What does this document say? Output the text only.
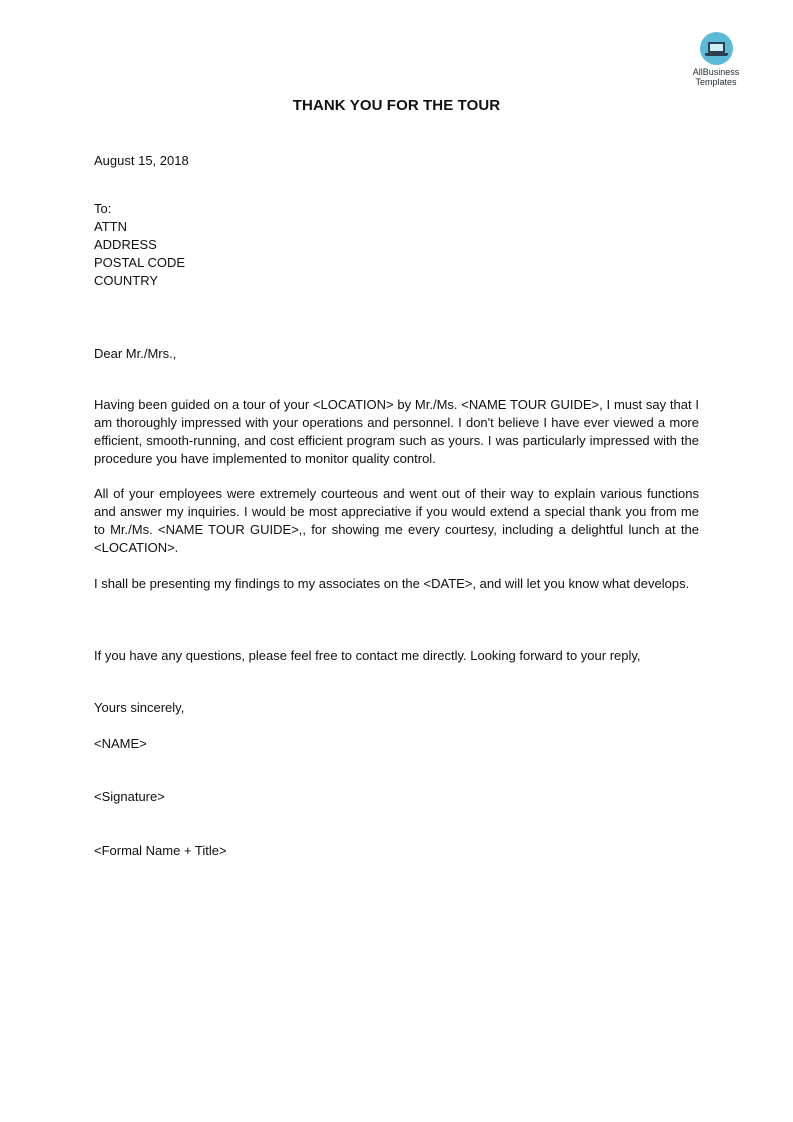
AllBusiness
Templates
THANK YOU FOR THE TOUR
August 15, 2018
To:
ATTN
ADDRESS
POSTAL CODE
COUNTRY
Dear Mr./Mrs.,
Having been guided on a tour of your <LOCATION> by Mr./Ms. <NAME TOUR GUIDE>, I must say that I am thoroughly impressed with your operations and personnel. I don't believe I have ever viewed a more efficient, smooth-running, and cost efficient program such as yours. I was particularly impressed with the procedure you have implemented to monitor quality control.
All of your employees were extremely courteous and went out of their way to explain various functions and answer my inquiries. I would be most appreciative if you would extend a special thank you from me to Mr./Ms. <NAME TOUR GUIDE>,, for showing me every courtesy, including a delightful lunch at the <LOCATION>.
I shall be presenting my findings to my associates on the <DATE>, and will let you know what develops.
If you have any questions, please feel free to contact me directly. Looking forward to your reply,
Yours sincerely,
<NAME>
<Signature>
<Formal Name + Title>
